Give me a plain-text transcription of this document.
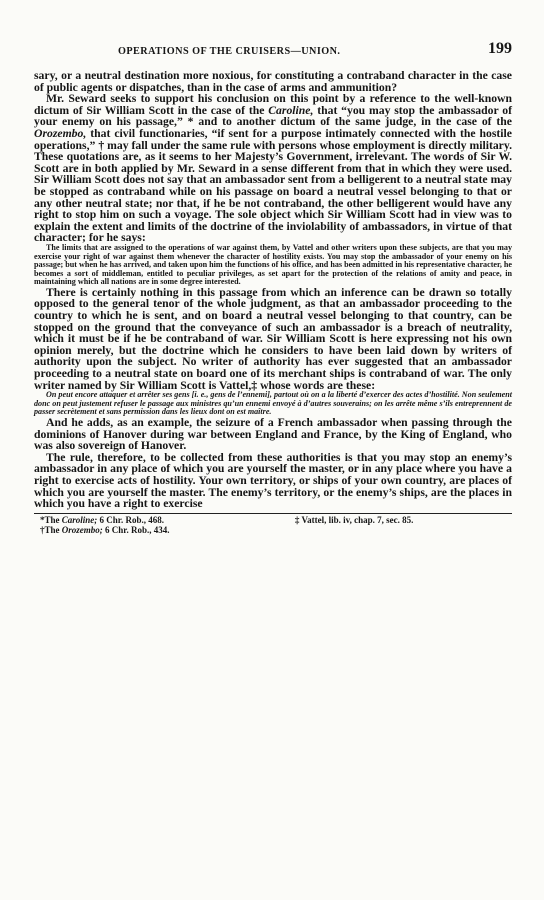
OPERATIONS OF THE CRUISERS—UNION.	199

sary, or a neutral destination more noxious, for constituting a contraband character in the case of public agents or dispatches, than in the case of arms and ammunition?

Mr. Seward seeks to support his conclusion on this point by a reference to the well-known dictum of Sir William Scott in the case of the Caroline, that “you may stop the ambassador of your enemy on his passage,” * and to another dictum of the same judge, in the case of the Orozembo, that civil functionaries, “if sent for a purpose intimately connected with the hostile operations,” † may fall under the same rule with persons whose employment is directly military. These quotations are, as it seems to her Majesty’s Government, irrelevant. The words of Sir W. Scott are in both applied by Mr. Seward in a sense different from that in which they were used. Sir William Scott does not say that an ambassador sent from a belligerent to a neutral state may be stopped as contraband while on his passage on board a neutral vessel belonging to that or any other neutral state; nor that, if he be not contraband, the other belligerent would have any right to stop him on such a voyage. The sole object which Sir William Scott had in view was to explain the extent and limits of the doctrine of the inviolability of ambassadors, in virtue of that character; for he says:

The limits that are assigned to the operations of war against them, by Vattel and other writers upon these subjects, are that you may exercise your right of war against them whenever the character of hostility exists. You may stop the ambassador of your enemy on his passage; but when he has arrived, and taken upon him the functions of his office, and has been admitted in his representative character, he becomes a sort of middleman, entitled to peculiar privileges, as set apart for the protection of the relations of amity and peace, in maintaining which all nations are in some degree interested.

There is certainly nothing in this passage from which an inference can be drawn so totally opposed to the general tenor of the whole judgment, as that an ambassador proceeding to the country to which he is sent, and on board a neutral vessel belonging to that country, can be stopped on the ground that the conveyance of such an ambassador is a breach of neutrality, which it must be if he be contraband of war. Sir William Scott is here expressing not his own opinion merely, but the doctrine which he considers to have been laid down by writers of authority upon the subject. No writer of authority has ever suggested that an ambassador proceeding to a neutral state on board one of its merchant ships is contraband of war. The only writer named by Sir William Scott is Vattel,‡ whose words are these:

On peut encore attaquer et arrêter ses gens [i. e., gens de l’ennemi], partout où on a la liberté d’exercer des actes d’hostilité. Non seulement donc on peut justement refuser le passage aux ministres qu’un ennemi envoyé à d’autres souverains; on les arrête même s’ils entreprennent de passer secrètement et sans permission dans les lieux dont on est maître.

And he adds, as an example, the seizure of a French ambassador when passing through the dominions of Hanover during war between England and France, by the King of England, who was also sovereign of Hanover.

The rule, therefore, to be collected from these authorities is that you may stop an enemy’s ambassador in any place of which you are yourself the master, or in any place where you have a right to exercise acts of hostility. Your own territory, or ships of your own country, are places of which you are yourself the master. The enemy’s territory, or the enemy’s ships, are the places in which you have a right to exercise

*The Caroline; 6 Chr. Rob., 468.
†The Orozembo; 6 Chr. Rob., 434.
‡ Vattel, lib. iv, chap. 7, sec. 85.
